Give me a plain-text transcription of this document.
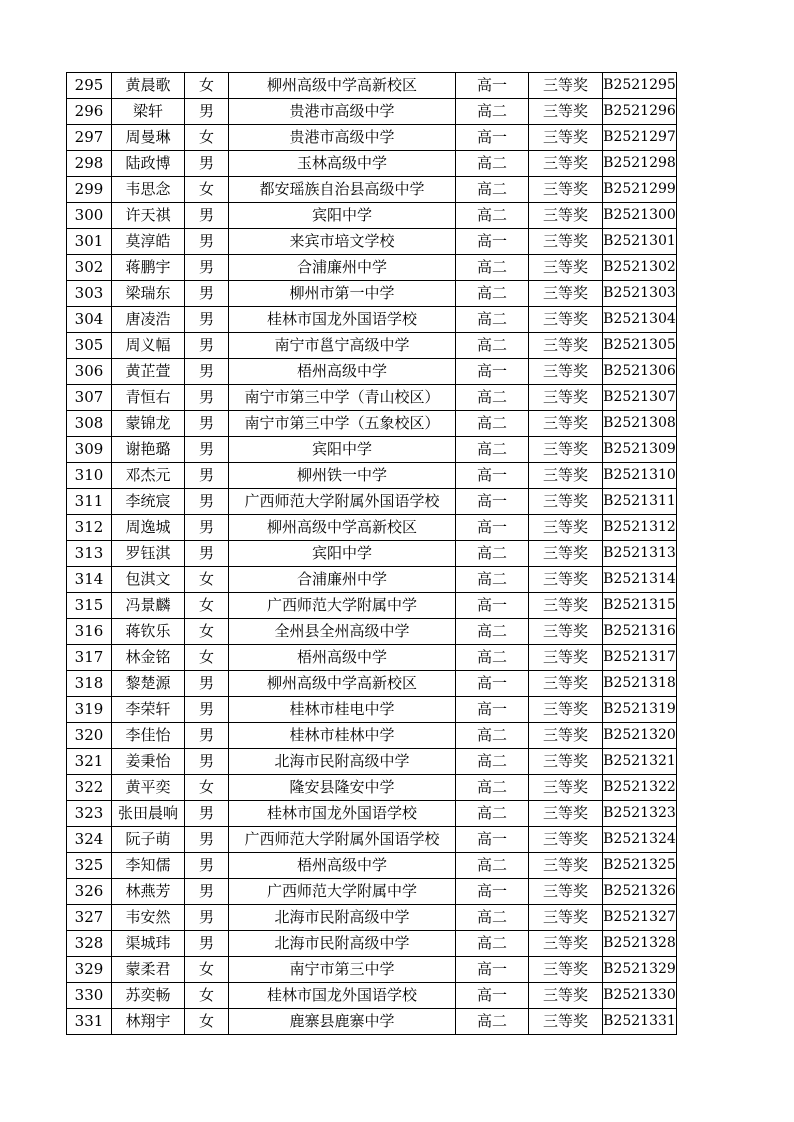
295	黄晨歌	女	柳州高级中学高新校区	高一	三等奖	B2521295
296	梁轩	男	贵港市高级中学	高二	三等奖	B2521296
297	周曼琳	女	贵港市高级中学	高一	三等奖	B2521297
298	陆政博	男	玉林高级中学	高二	三等奖	B2521298
299	韦思念	女	都安瑶族自治县高级中学	高二	三等奖	B2521299
300	许天祺	男	宾阳中学	高二	三等奖	B2521300
301	莫淳皓	男	来宾市培文学校	高一	三等奖	B2521301
302	蒋鹏宇	男	合浦廉州中学	高二	三等奖	B2521302
303	梁瑞东	男	柳州市第一中学	高二	三等奖	B2521303
304	唐凌浩	男	桂林市国龙外国语学校	高二	三等奖	B2521304
305	周义幅	男	南宁市邕宁高级中学	高二	三等奖	B2521305
306	黄芷萱	男	梧州高级中学	高一	三等奖	B2521306
307	青恒右	男	南宁市第三中学（青山校区）	高二	三等奖	B2521307
308	蒙锦龙	男	南宁市第三中学（五象校区）	高二	三等奖	B2521308
309	谢艳璐	男	宾阳中学	高二	三等奖	B2521309
310	邓杰元	男	柳州铁一中学	高一	三等奖	B2521310
311	李统宸	男	广西师范大学附属外国语学校	高一	三等奖	B2521311
312	周逸城	男	柳州高级中学高新校区	高一	三等奖	B2521312
313	罗钰淇	男	宾阳中学	高二	三等奖	B2521313
314	包淇文	女	合浦廉州中学	高二	三等奖	B2521314
315	冯景麟	女	广西师范大学附属中学	高一	三等奖	B2521315
316	蒋钦乐	女	全州县全州高级中学	高二	三等奖	B2521316
317	林金铭	女	梧州高级中学	高二	三等奖	B2521317
318	黎楚源	男	柳州高级中学高新校区	高一	三等奖	B2521318
319	李荣轩	男	桂林市桂电中学	高一	三等奖	B2521319
320	李佳怡	男	桂林市桂林中学	高二	三等奖	B2521320
321	姜秉怡	男	北海市民附高级中学	高二	三等奖	B2521321
322	黄平奕	女	隆安县隆安中学	高二	三等奖	B2521322
323	张田晨响	男	桂林市国龙外国语学校	高二	三等奖	B2521323
324	阮子萌	男	广西师范大学附属外国语学校	高一	三等奖	B2521324
325	李知儒	男	梧州高级中学	高二	三等奖	B2521325
326	林燕芳	男	广西师范大学附属中学	高一	三等奖	B2521326
327	韦安然	男	北海市民附高级中学	高二	三等奖	B2521327
328	渠城玮	男	北海市民附高级中学	高二	三等奖	B2521328
329	蒙柔君	女	南宁市第三中学	高一	三等奖	B2521329
330	苏奕畅	女	桂林市国龙外国语学校	高一	三等奖	B2521330
331	林翔宇	女	鹿寨县鹿寨中学	高二	三等奖	B2521331
